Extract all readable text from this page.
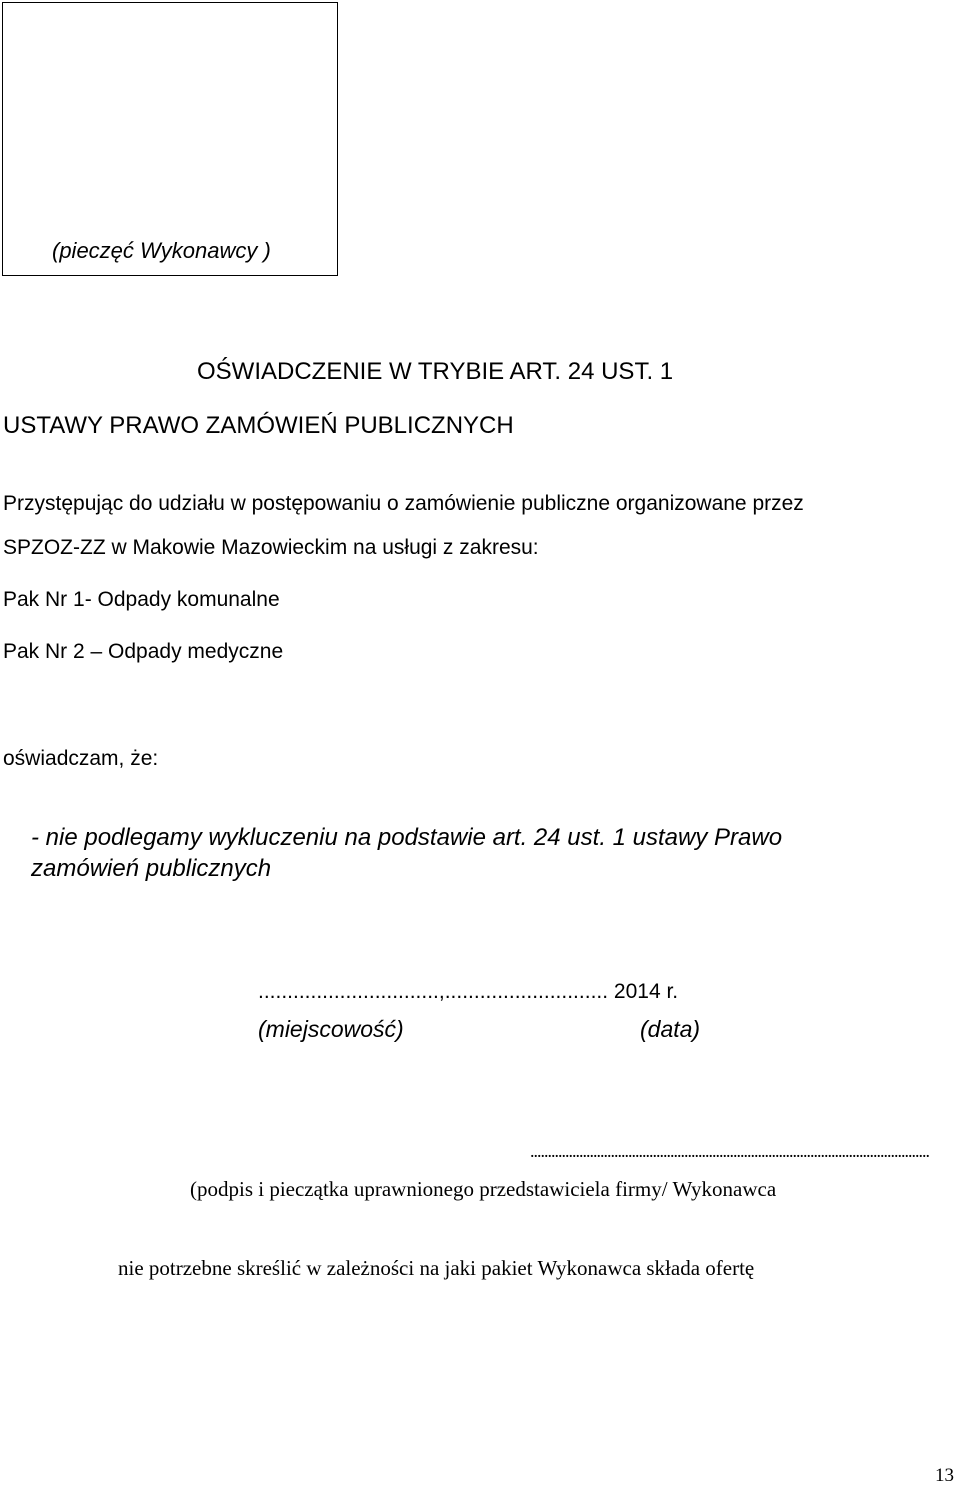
(pieczęć Wykonawcy )
OŚWIADCZENIE W TRYBIE ART. 24 UST. 1
USTAWY PRAWO ZAMÓWIEŃ PUBLICZNYCH
Przystępując do udziału w postępowaniu o zamówienie publiczne organizowane przez
SPZOZ-ZZ w Makowie Mazowieckim na usługi z zakresu:
Pak Nr 1- Odpady komunalne
Pak Nr 2 – Odpady medyczne
oświadczam, że:
- nie podlegamy wykluczeniu na podstawie art. 24 ust. 1 ustawy Prawo
zamówień publicznych
...............................,............................ 2014 r.
(miejscowość)	(data)
..................................................................................................................
(podpis i pieczątka uprawnionego przedstawiciela firmy/ Wykonawca
nie potrzebne skreślić w zależności na jaki pakiet Wykonawca składa ofertę
13
